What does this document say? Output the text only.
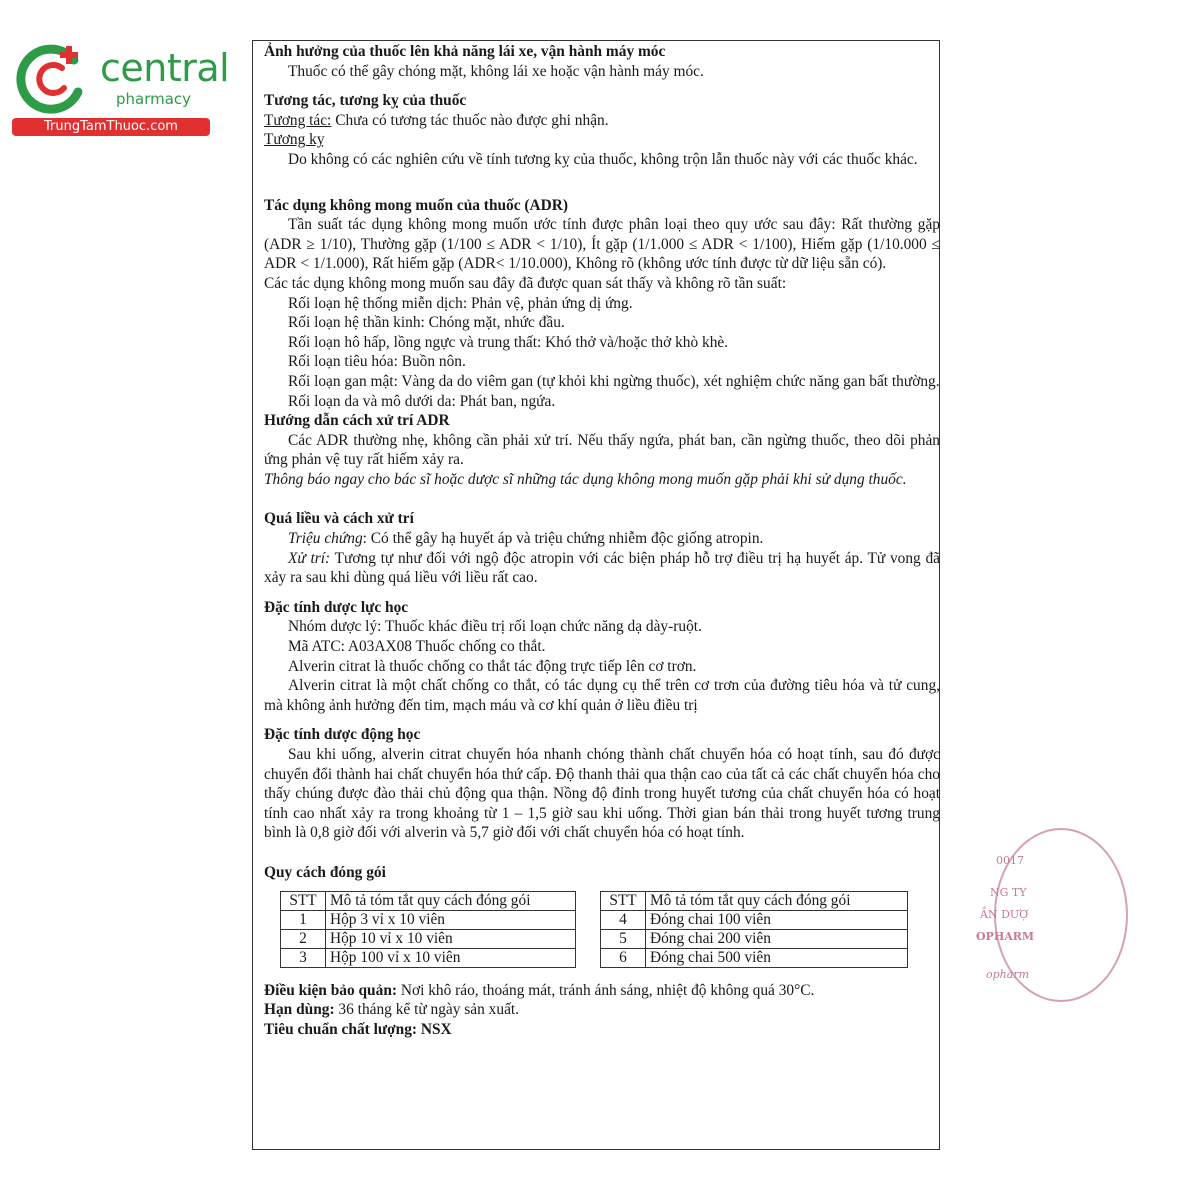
central
pharmacy
TrungTamThuoc.com

Ảnh hưởng của thuốc lên khả năng lái xe, vận hành máy móc

Thuốc có thể gây chóng mặt, không lái xe hoặc vận hành máy móc.

Tương tác, tương kỵ của thuốc

Tương tác: Chưa có tương tác thuốc nào được ghi nhận.

Tương kỵ

Do không có các nghiên cứu về tính tương kỵ của thuốc, không trộn lẫn thuốc này với các thuốc khác.

Tác dụng không mong muốn của thuốc (ADR)

Tần suất tác dụng không mong muốn ước tính được phân loại theo quy ước sau đây: Rất thường gặp (ADR ≥ 1/10), Thường gặp (1/100 ≤ ADR < 1/10), Ít gặp (1/1.000 ≤ ADR < 1/100), Hiếm gặp (1/10.000 ≤ ADR < 1/1.000), Rất hiếm gặp (ADR< 1/10.000), Không rõ (không ước tính được từ dữ liệu sẵn có).

Các tác dụng không mong muốn sau đây đã được quan sát thấy và không rõ tần suất:

Rối loạn hệ thống miễn dịch: Phản vệ, phản ứng dị ứng.

Rối loạn hệ thần kinh: Chóng mặt, nhức đầu.

Rối loạn hô hấp, lồng ngực và trung thất: Khó thở và/hoặc thở khò khè.

Rối loạn tiêu hóa: Buồn nôn.

Rối loạn gan mật: Vàng da do viêm gan (tự khỏi khi ngừng thuốc), xét nghiệm chức năng gan bất thường.

Rối loạn da và mô dưới da: Phát ban, ngứa.

Hướng dẫn cách xử trí ADR

Các ADR thường nhẹ, không cần phải xử trí. Nếu thấy ngứa, phát ban, cần ngừng thuốc, theo dõi phản ứng phản vệ tuy rất hiếm xảy ra.

Thông báo ngay cho bác sĩ hoặc dược sĩ những tác dụng không mong muốn gặp phải khi sử dụng thuốc.

Quá liều và cách xử trí

Triệu chứng: Có thể gây hạ huyết áp và triệu chứng nhiễm độc giống atropin.

Xử trí: Tương tự như đối với ngộ độc atropin với các biện pháp hỗ trợ điều trị hạ huyết áp. Tử vong đã xảy ra sau khi dùng quá liều với liều rất cao.

Đặc tính dược lực học

Nhóm dược lý: Thuốc khác điều trị rối loạn chức năng dạ dày-ruột.

Mã ATC: A03AX08 Thuốc chống co thắt.

Alverin citrat là thuốc chống co thắt tác động trực tiếp lên cơ trơn.

Alverin citrat là một chất chống co thắt, có tác dụng cụ thể trên cơ trơn của đường tiêu hóa và tử cung, mà không ảnh hưởng đến tim, mạch máu và cơ khí quản ở liều điều trị

Đặc tính dược động học

Sau khi uống, alverin citrat chuyển hóa nhanh chóng thành chất chuyển hóa có hoạt tính, sau đó được chuyển đổi thành hai chất chuyển hóa thứ cấp. Độ thanh thải qua thận cao của tất cả các chất chuyển hóa cho thấy chúng được đào thải chủ động qua thận. Nồng độ đỉnh trong huyết tương của chất chuyển hóa có hoạt tính cao nhất xảy ra trong khoảng từ 1 – 1,5 giờ sau khi uống. Thời gian bán thải trong huyết tương trung bình là 0,8 giờ đối với alverin và 5,7 giờ đối với chất chuyển hóa có hoạt tính.

Quy cách đóng gói

STT	Mô tả tóm tắt quy cách đóng gói
1	Hộp 3 vỉ x 10 viên
2	Hộp 10 vỉ x 10 viên
3	Hộp 100 vỉ x 10 viên
STT	Mô tả tóm tắt quy cách đóng gói
4	Đóng chai 100 viên
5	Đóng chai 200 viên
6	Đóng chai 500 viên

Điều kiện bảo quản: Nơi khô ráo, thoáng mát, tránh ánh sáng, nhiệt độ không quá 30°C.

Hạn dùng: 36 tháng kể từ ngày sản xuất.

Tiêu chuẩn chất lượng: NSX

0017
NG TY
ẦN DƯỢ
OPHARM
opharm
